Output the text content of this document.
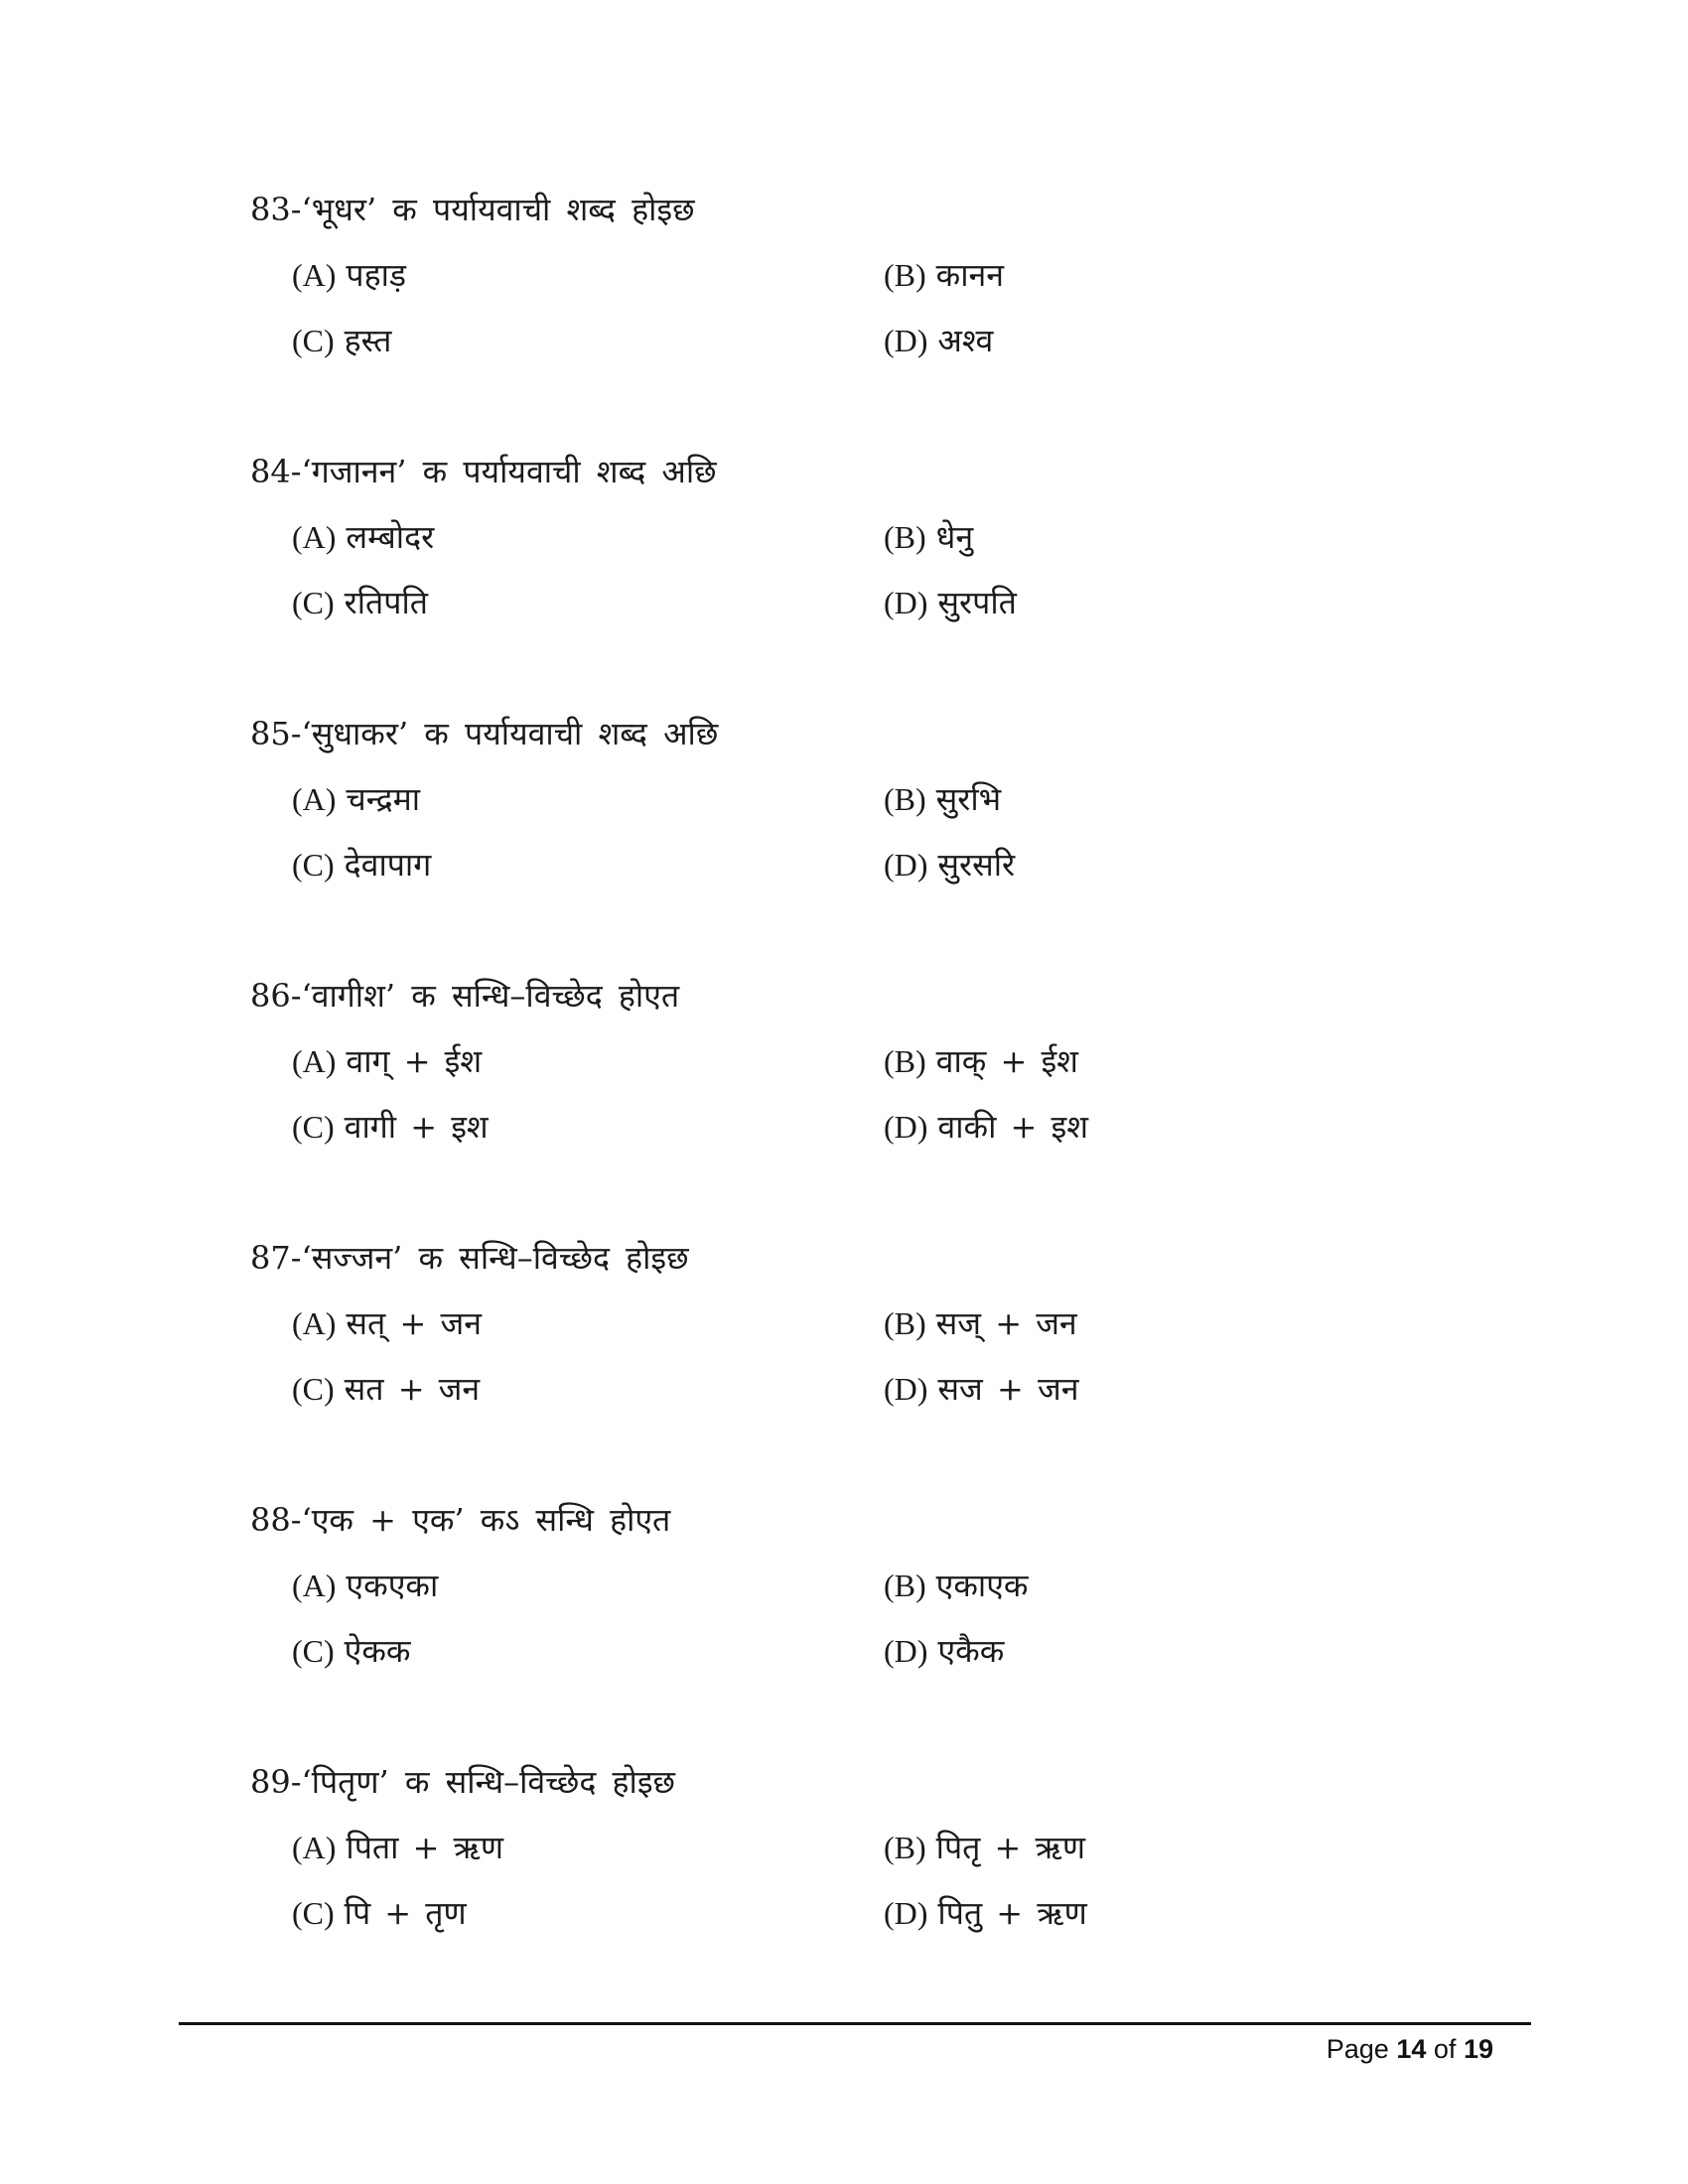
83-‘भूधर’ क पर्यायवाची शब्द होइछ
(A) पहाड़	(B) कानन
(C) हस्त	(D) अश्व
84-‘गजानन’ क पर्यायवाची शब्द अछि
(A) लम्बोदर	(B) धेनु
(C) रतिपति	(D) सुरपति
85-‘सुधाकर’ क पर्यायवाची शब्द अछि
(A) चन्द्रमा	(B) सुरभि
(C) देवापाग	(D) सुरसरि
86-‘वागीश’ क सन्धि–विच्छेद होएत
(A) वाग् + ईश	(B) वाक् + ईश
(C) वागी + इश	(D) वाकी + इश
87-‘सज्जन’ क सन्धि–विच्छेद होइछ
(A) सत् + जन	(B) सज् + जन
(C) सत + जन	(D) सज + जन
88-‘एक + एक’ कऽ सन्धि होएत
(A) एकएका	(B) एकाएक
(C) ऐकक	(D) एकैक
89-‘पितृण’ क सन्धि–विच्छेद होइछ
(A) पिता + ऋण	(B) पितृ + ऋण
(C) पि + तृण	(D) पितु + ऋण
Page 14 of 19
